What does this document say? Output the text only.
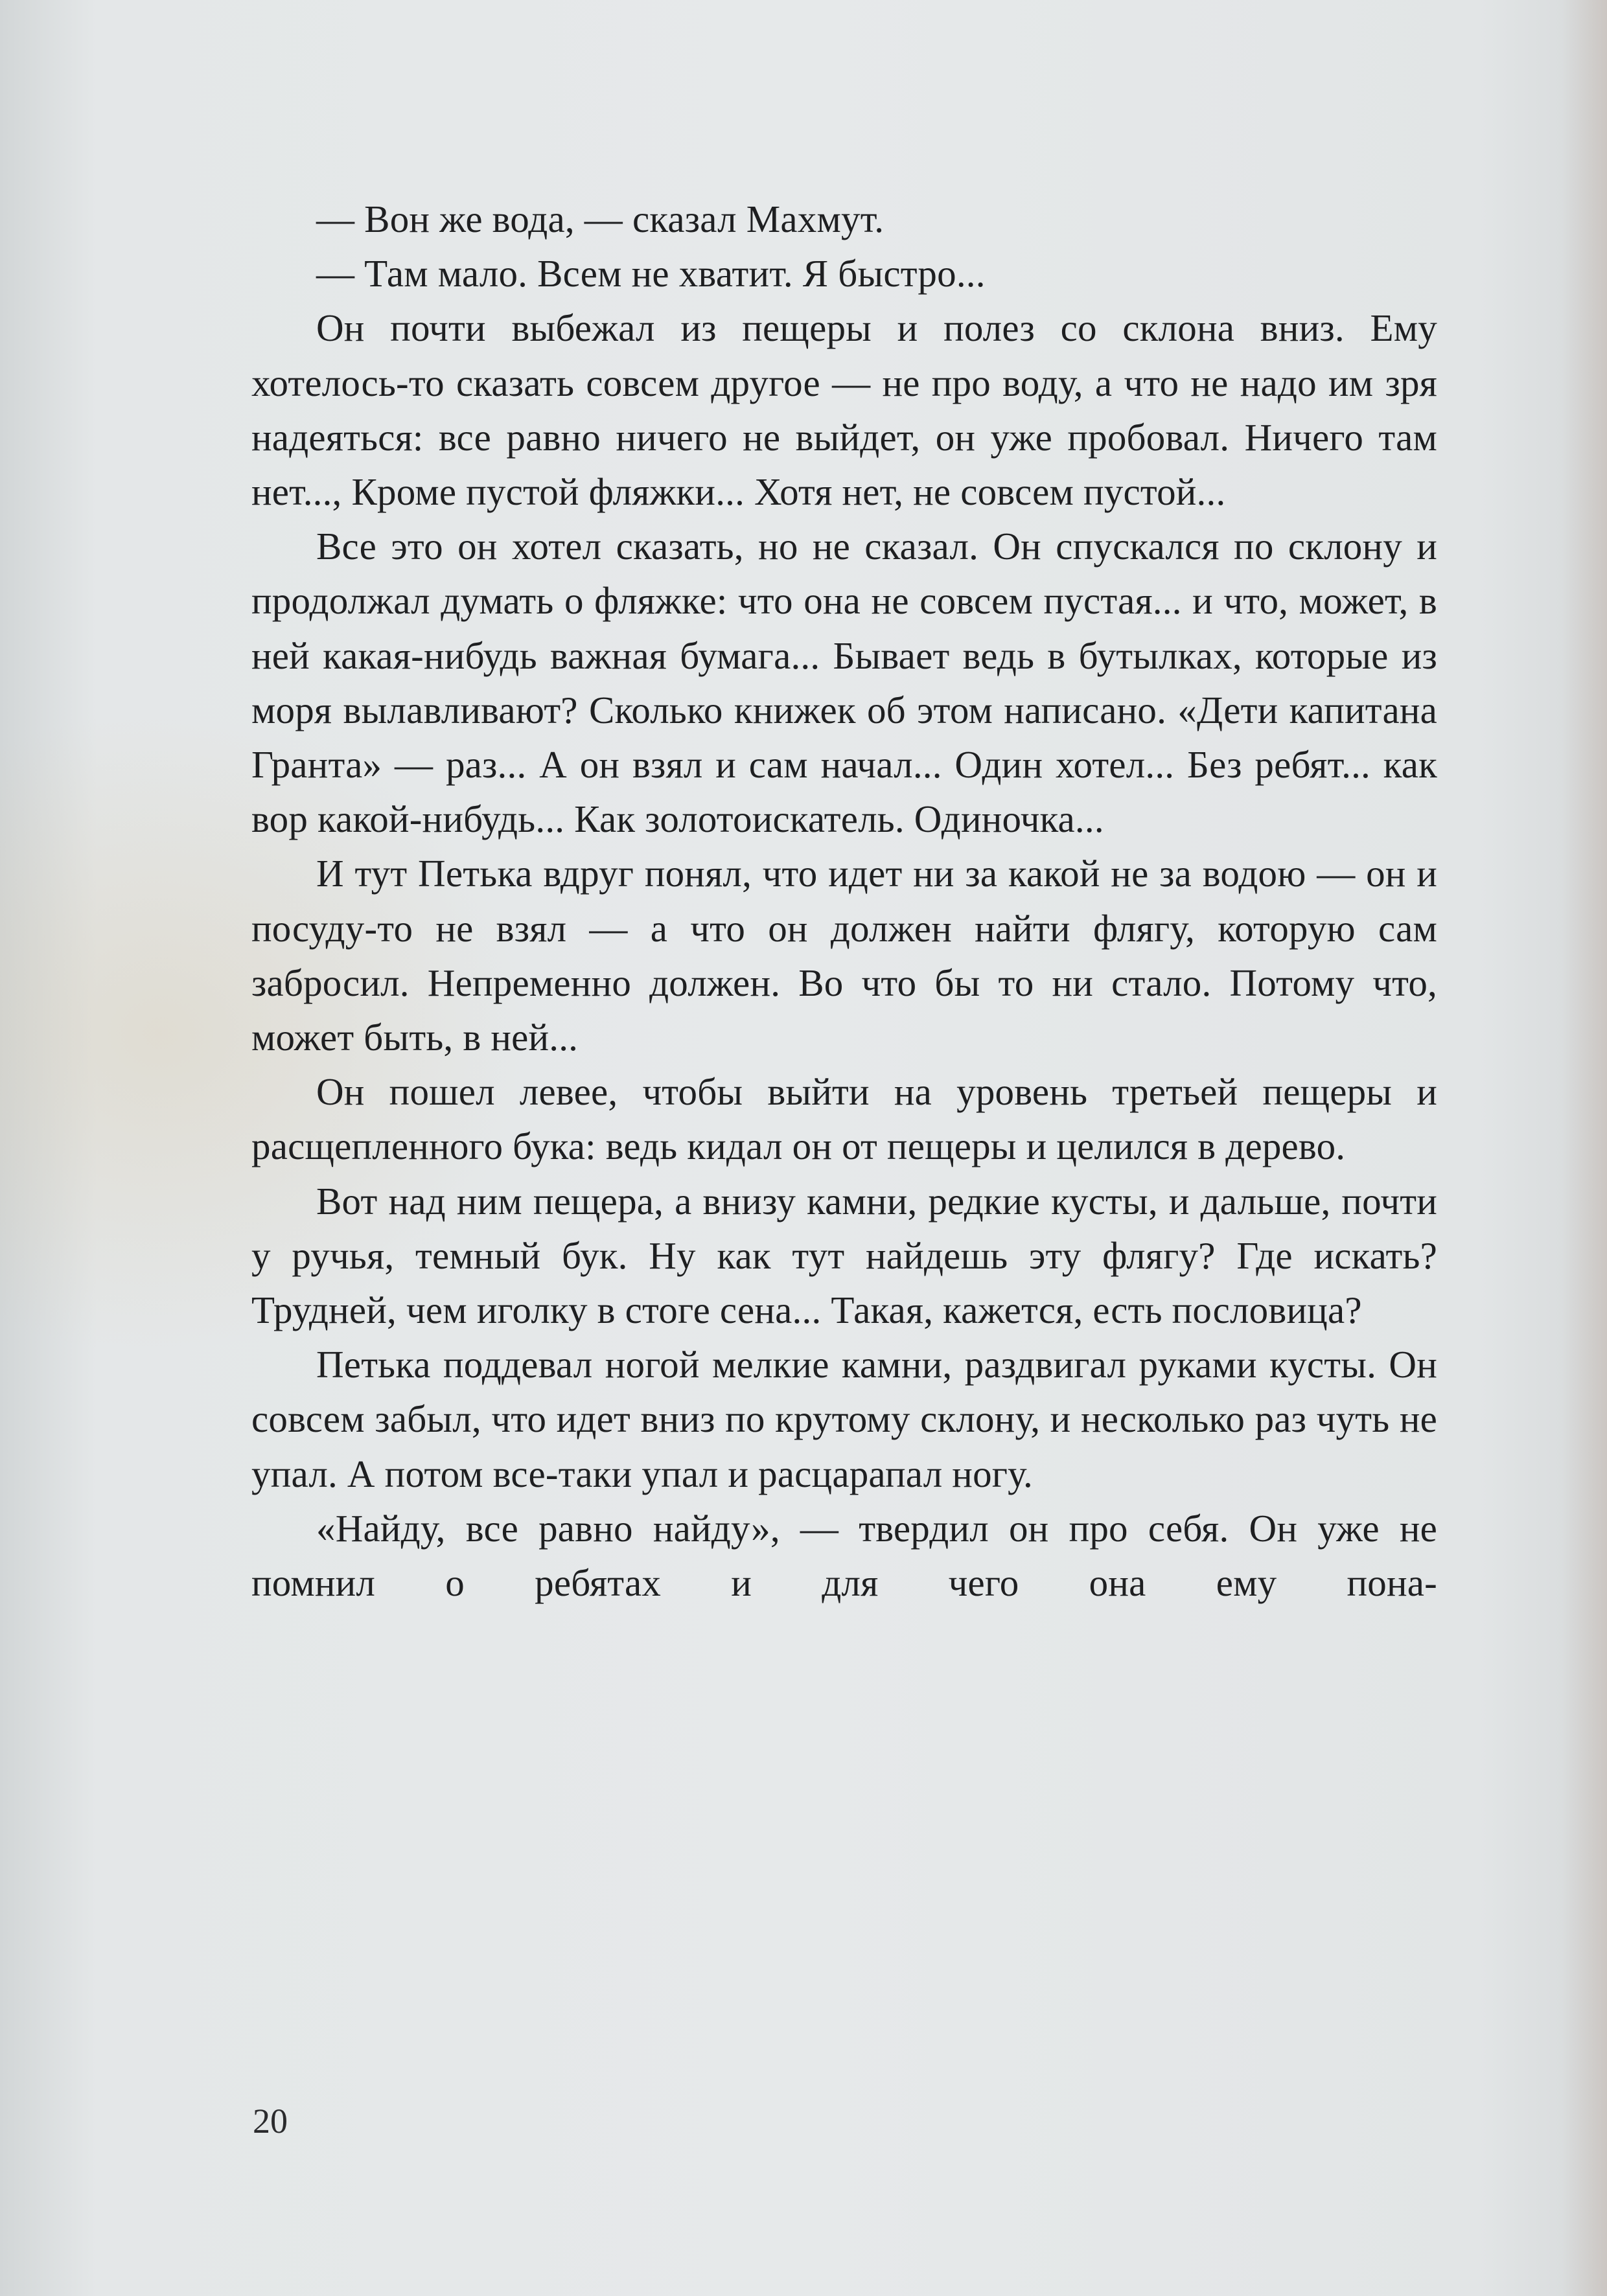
— Вон же вода, — сказал Махмут.

— Там мало. Всем не хватит. Я быстро...

Он почти выбежал из пещеры и полез со склона вниз. Ему хотелось-то сказать совсем другое — не про воду, а что не надо им зря надеяться: все равно ничего не выйдет, он уже пробовал. Ничего там нет..., Кроме пустой фляжки... Хотя нет, не совсем пустой...

Все это он хотел сказать, но не сказал. Он спускался по склону и продолжал думать о фляжке: что она не совсем пустая... и что, может, в ней какая-нибудь важная бумага... Бывает ведь в бутылках, которые из моря вылавливают? Сколько книжек об этом написано. «Дети капитана Гранта» — раз... А он взял и сам начал... Один хотел... Без ребят... как вор какой-нибудь... Как золотоискатель. Одиночка...

И тут Петька вдруг понял, что идет ни за какой не за водою — он и посуду-то не взял — а что он должен найти флягу, которую сам забросил. Непременно должен. Во что бы то ни стало. Потому что, может быть, в ней...

Он пошел левее, чтобы выйти на уровень третьей пещеры и расщепленного бука: ведь кидал он от пещеры и целился в дерево.

Вот над ним пещера, а внизу камни, редкие кусты, и дальше, почти у ручья, темный бук. Ну как тут найдешь эту флягу? Где искать? Трудней, чем иголку в стоге сена... Такая, кажется, есть пословица?

Петька поддевал ногой мелкие камни, раздвигал руками кусты. Он совсем забыл, что идет вниз по крутому склону, и несколько раз чуть не упал. А потом все-таки упал и расцарапал ногу.

«Найду, все равно найду», — твердил он про себя. Он уже не помнил о ребятах и для чего она ему пона-

20
